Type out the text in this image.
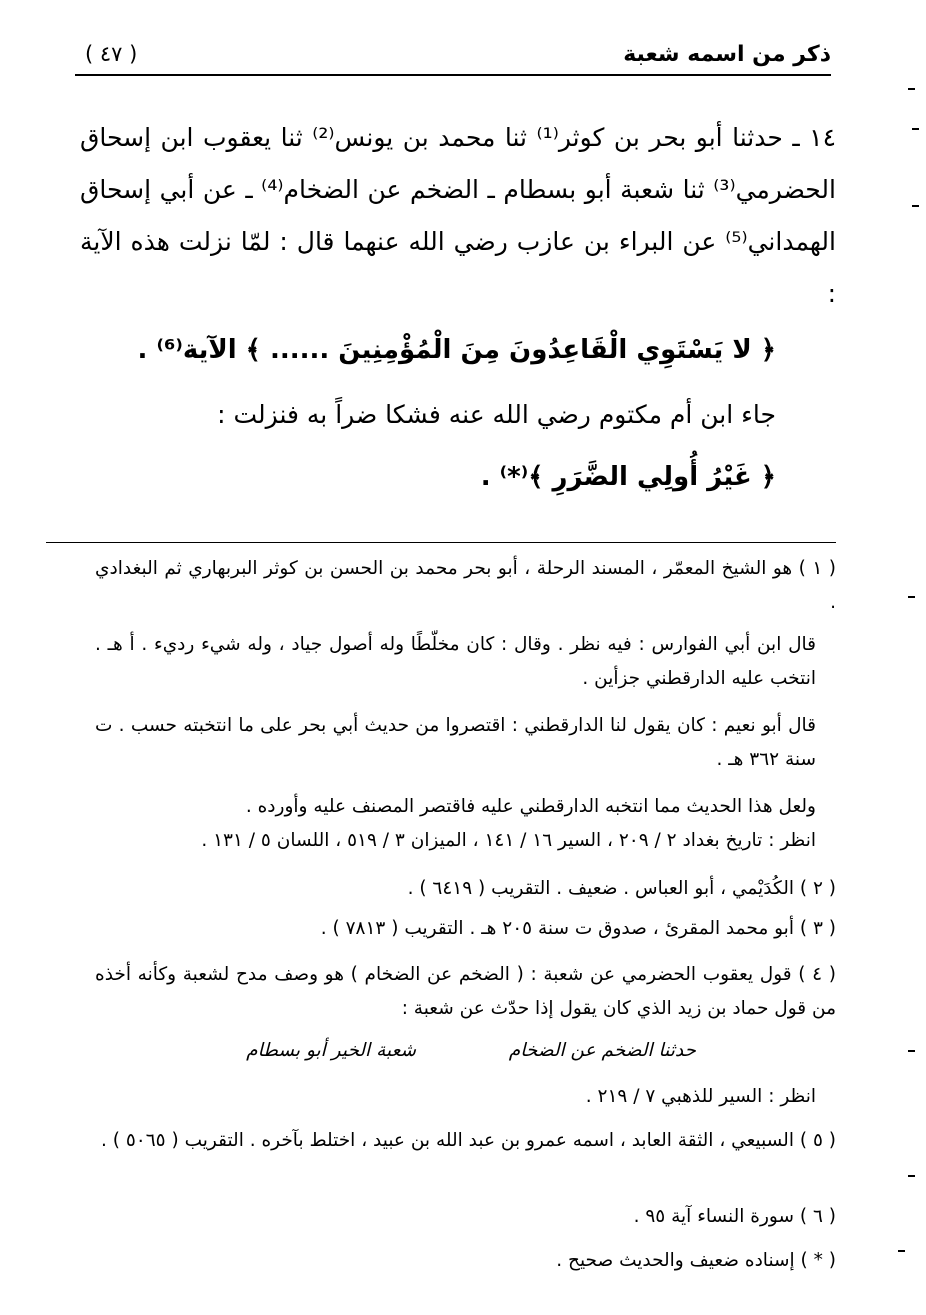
ذكر من اسمه شعبة
( ٤٧ )

١٤ ـ حدثنا أبو بحر بن كوثر⁽¹⁾ ثنا محمد بن يونس⁽²⁾ ثنا يعقوب ابن إسحاق الحضرمي⁽³⁾ ثنا شعبة أبو بسطام ـ الضخم عن الضخام⁽⁴⁾ ـ عن أبي إسحاق الهمداني⁽⁵⁾ عن البراء بن عازب رضي الله عنهما قال : لمّا نزلت هذه الآية :

﴿ لا يَسْتَوِي الْقَاعِدُونَ مِنَ الْمُؤْمِنِينَ ...... ﴾ الآية⁽⁶⁾ .
جاء ابن أم مكتوم رضي الله عنه فشكا ضراً به فنزلت :
﴿ غَيْرُ أُولِي الضَّرَرِ ﴾⁽*⁾ .

( ١ ) هو الشيخ المعمّر ، المسند الرحلة ، أبو بحر محمد بن الحسن بن كوثر البربهاري ثم البغدادي .

قال ابن أبي الفوارس : فيه نظر . وقال : كان مخلّطًا وله أصول جياد ، وله شيء رديء . أ هـ . انتخب عليه الدارقطني جزأين .

قال أبو نعيم : كان يقول لنا الدارقطني : اقتصروا من حديث أبي بحر على ما انتخبته حسب . ت سنة ٣٦٢ هـ .

ولعل هذا الحديث مما انتخبه الدارقطني عليه فاقتصر المصنف عليه وأورده .

انظر : تاريخ بغداد ٢ / ٢٠٩ ، السير ١٦ / ١٤١ ، الميزان ٣ / ٥١٩ ، اللسان ٥ / ١٣١ .

( ٢ ) الكُدَيْمي ، أبو العباس . ضعيف . التقريب ( ٦٤١٩ ) .

( ٣ ) أبو محمد المقرئ ، صدوق ت سنة ٢٠٥ هـ . التقريب ( ٧٨١٣ ) .

( ٤ ) قول يعقوب الحضرمي عن شعبة : ( الضخم عن الضخام ) هو وصف مدح لشعبة وكأنه أخذه من قول حماد بن زيد الذي كان يقول إذا حدّث عن شعبة :

حدثنا الضخم عن الضخام
شعبة الخير أبو بسطام

انظر : السير للذهبي ٧ / ٢١٩ .

( ٥ ) السبيعي ، الثقة العابد ، اسمه عمرو بن عبد الله بن عبيد ، اختلط بآخره . التقريب ( ٥٠٦٥ ) .

( ٦ ) سورة النساء آية ٩٥ .

( * ) إسناده ضعيف والحديث صحيح .
